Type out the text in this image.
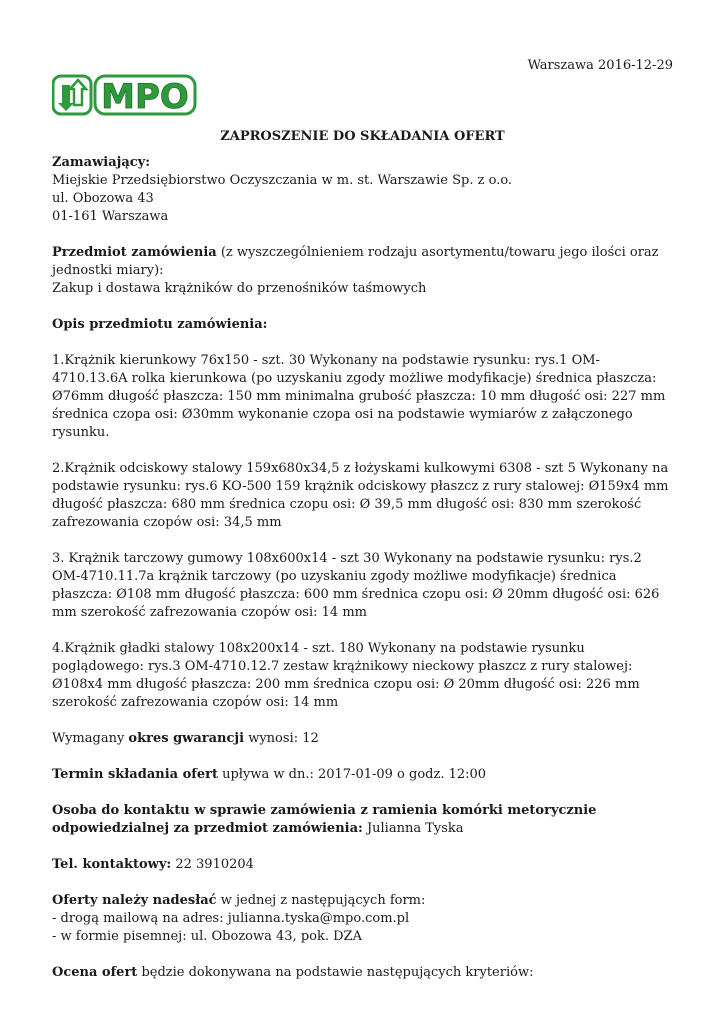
Warszawa 2016-12-29
MPO
ZAPROSZENIE DO SKŁADANIA OFERT
Zamawiający:
Miejskie Przedsiębiorstwo Oczyszczania w m. st. Warszawie Sp. z o.o.
ul. Obozowa 43
01-161 Warszawa
Przedmiot zamówienia (z wyszczególnieniem rodzaju asortymentu/towaru jego ilości oraz jednostki miary):
Zakup i dostawa krążników do przenośników taśmowych

Opis przedmiotu zamówienia:

1.Krążnik kierunkowy 76x150 - szt. 30 Wykonany na podstawie rysunku: rys.1 OM-4710.13.6A rolka kierunkowa (po uzyskaniu zgody możliwe modyfikacje) średnica płaszcza: Ø76mm długość płaszcza: 150 mm minimalna grubość płaszcza: 10 mm długość osi: 227 mm średnica czopa osi: Ø30mm wykonanie czopa osi na podstawie wymiarów z załączonego rysunku.

2.Krążnik odciskowy stalowy 159x680x34,5 z łożyskami kulkowymi 6308 - szt 5 Wykonany na podstawie rysunku: rys.6 KO-500 159 krążnik odciskowy płaszcz z rury stalowej: Ø159x4 mm długość płaszcza: 680 mm średnica czopu osi: Ø 39,5 mm długość osi: 830 mm szerokość zafrezowania czopów osi: 34,5 mm

3. Krążnik tarczowy gumowy 108x600x14 - szt 30 Wykonany na podstawie rysunku: rys.2 OM-4710.11.7a krążnik tarczowy (po uzyskaniu zgody możliwe modyfikacje) średnica płaszcza: Ø108 mm długość płaszcza: 600 mm średnica czopu osi: Ø 20mm długość osi: 626 mm szerokość zafrezowania czopów osi: 14 mm

4.Krążnik gładki stalowy 108x200x14 - szt. 180 Wykonany na podstawie rysunku poglądowego: rys.3 OM-4710.12.7 zestaw krążnikowy nieckowy płaszcz z rury stalowej: Ø108x4 mm długość płaszcza: 200 mm średnica czopu osi: Ø 20mm długość osi: 226 mm szerokość zafrezowania czopów osi: 14 mm

Wymagany okres gwarancji wynosi: 12

Termin składania ofert upływa w dn.: 2017-01-09 o godz. 12:00

Osoba do kontaktu w sprawie zamówienia z ramienia komórki metorycznie odpowiedzialnej za przedmiot zamówienia: Julianna Tyska

Tel. kontaktowy: 22 3910204

Oferty należy nadesłać w jednej z następujących form:
- drogą mailową na adres: julianna.tyska@mpo.com.pl
- w formie pisemnej: ul. Obozowa 43, pok. DZA

Ocena ofert będzie dokonywana na podstawie następujących kryteriów:
